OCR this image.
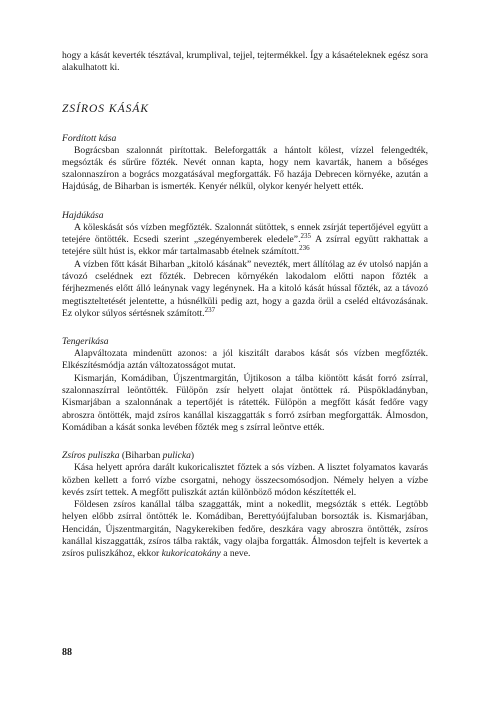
hogy a kását keverték tésztával, krumplival, tejjel, tejtermékkel. Így a kásaételeknek egész sora alakulhatott ki.

ZSÍROS KÁSÁK
Fordított kása

Bográcsban szalonnát pirítottak. Beleforgatták a hántolt kölest, vízzel felengedték, megsózták és sűrűre főzték. Nevét onnan kapta, hogy nem kavarták, hanem a bőséges szalonnaszíron a bogrács mozgatásával megforgatták. Fő hazája Debrecen környéke, azután a Hajdúság, de Biharban is ismerték. Kenyér nélkül, olykor kenyér helyett ették.

Hajdúkása

A köleskását sós vízben megfőzték. Szalonnát sütöttek, s ennek zsírját tepertőjével együtt a tetejére öntötték. Ecsedi szerint „szegényemberek eledele”.$^{235}$ A zsírral együtt rakhattak a tetejére sült húst is, ekkor már tartalmasabb ételnek számított.$^{236}$

A vízben főtt kását Biharban „kitoló kásának” nevezték, mert állítólag az év utolsó napján a távozó cselédnek ezt főzték. Debrecen környékén lakodalom előtti napon főzték a férjhezmenés előtt álló leánynak vagy legénynek. Ha a kitoló kását hússal főzték, az a távozó megtiszteltetését jelentette, a húsnélküli pedig azt, hogy a gazda örül a cseléd eltávozásának. Ez olykor súlyos sértésnek számított.$^{237}$

Tengerikása

Alapváltozata mindenütt azonos: a jól kiszitált darabos kását sós vízben megfőzték. Elkészítésmódja aztán változatosságot mutat.

Kismarján, Komádiban, Újszentmargitán, Újtikoson a tálba kiöntött kását forró zsírral, szalonnaszírral leöntötték. Fülöpön zsír helyett olajat öntöttek rá. Püspökladányban, Kismarjában a szalonnának a tepertőjét is rátették. Fülöpön a megfőtt kását fedőre vagy abroszra öntötték, majd zsíros kanállal kiszaggatták s forró zsírban megforgatták. Álmosdon, Komádiban a kását sonka levében főzték meg s zsírral leöntve ették.

Zsíros puliszka (Biharban pulicka)

Kása helyett apróra darált kukoricalisztet főztek a sós vízben. A lisztet folyamatos kavarás közben kellett a forró vízbe csorgatni, nehogy összecsomósodjon. Némely helyen a vízbe kevés zsírt tettek. A megfőtt puliszkát aztán különböző módon készítették el.

Földesen zsíros kanállal tálba szaggatták, mint a nokedlit, megsózták s ették. Legtöbb helyen előbb zsírral öntötték le. Komádiban, Berettyóújfaluban borsozták is. Kismarjában, Hencidán, Újszentmargitán, Nagykerekiben fedőre, deszkára vagy abroszra öntötték, zsíros kanállal kiszaggatták, zsíros tálba rakták, vagy olajba forgatták. Álmosdon tejfelt is kevertek a zsíros puliszkához, ekkor kukoricatokány a neve.

88
